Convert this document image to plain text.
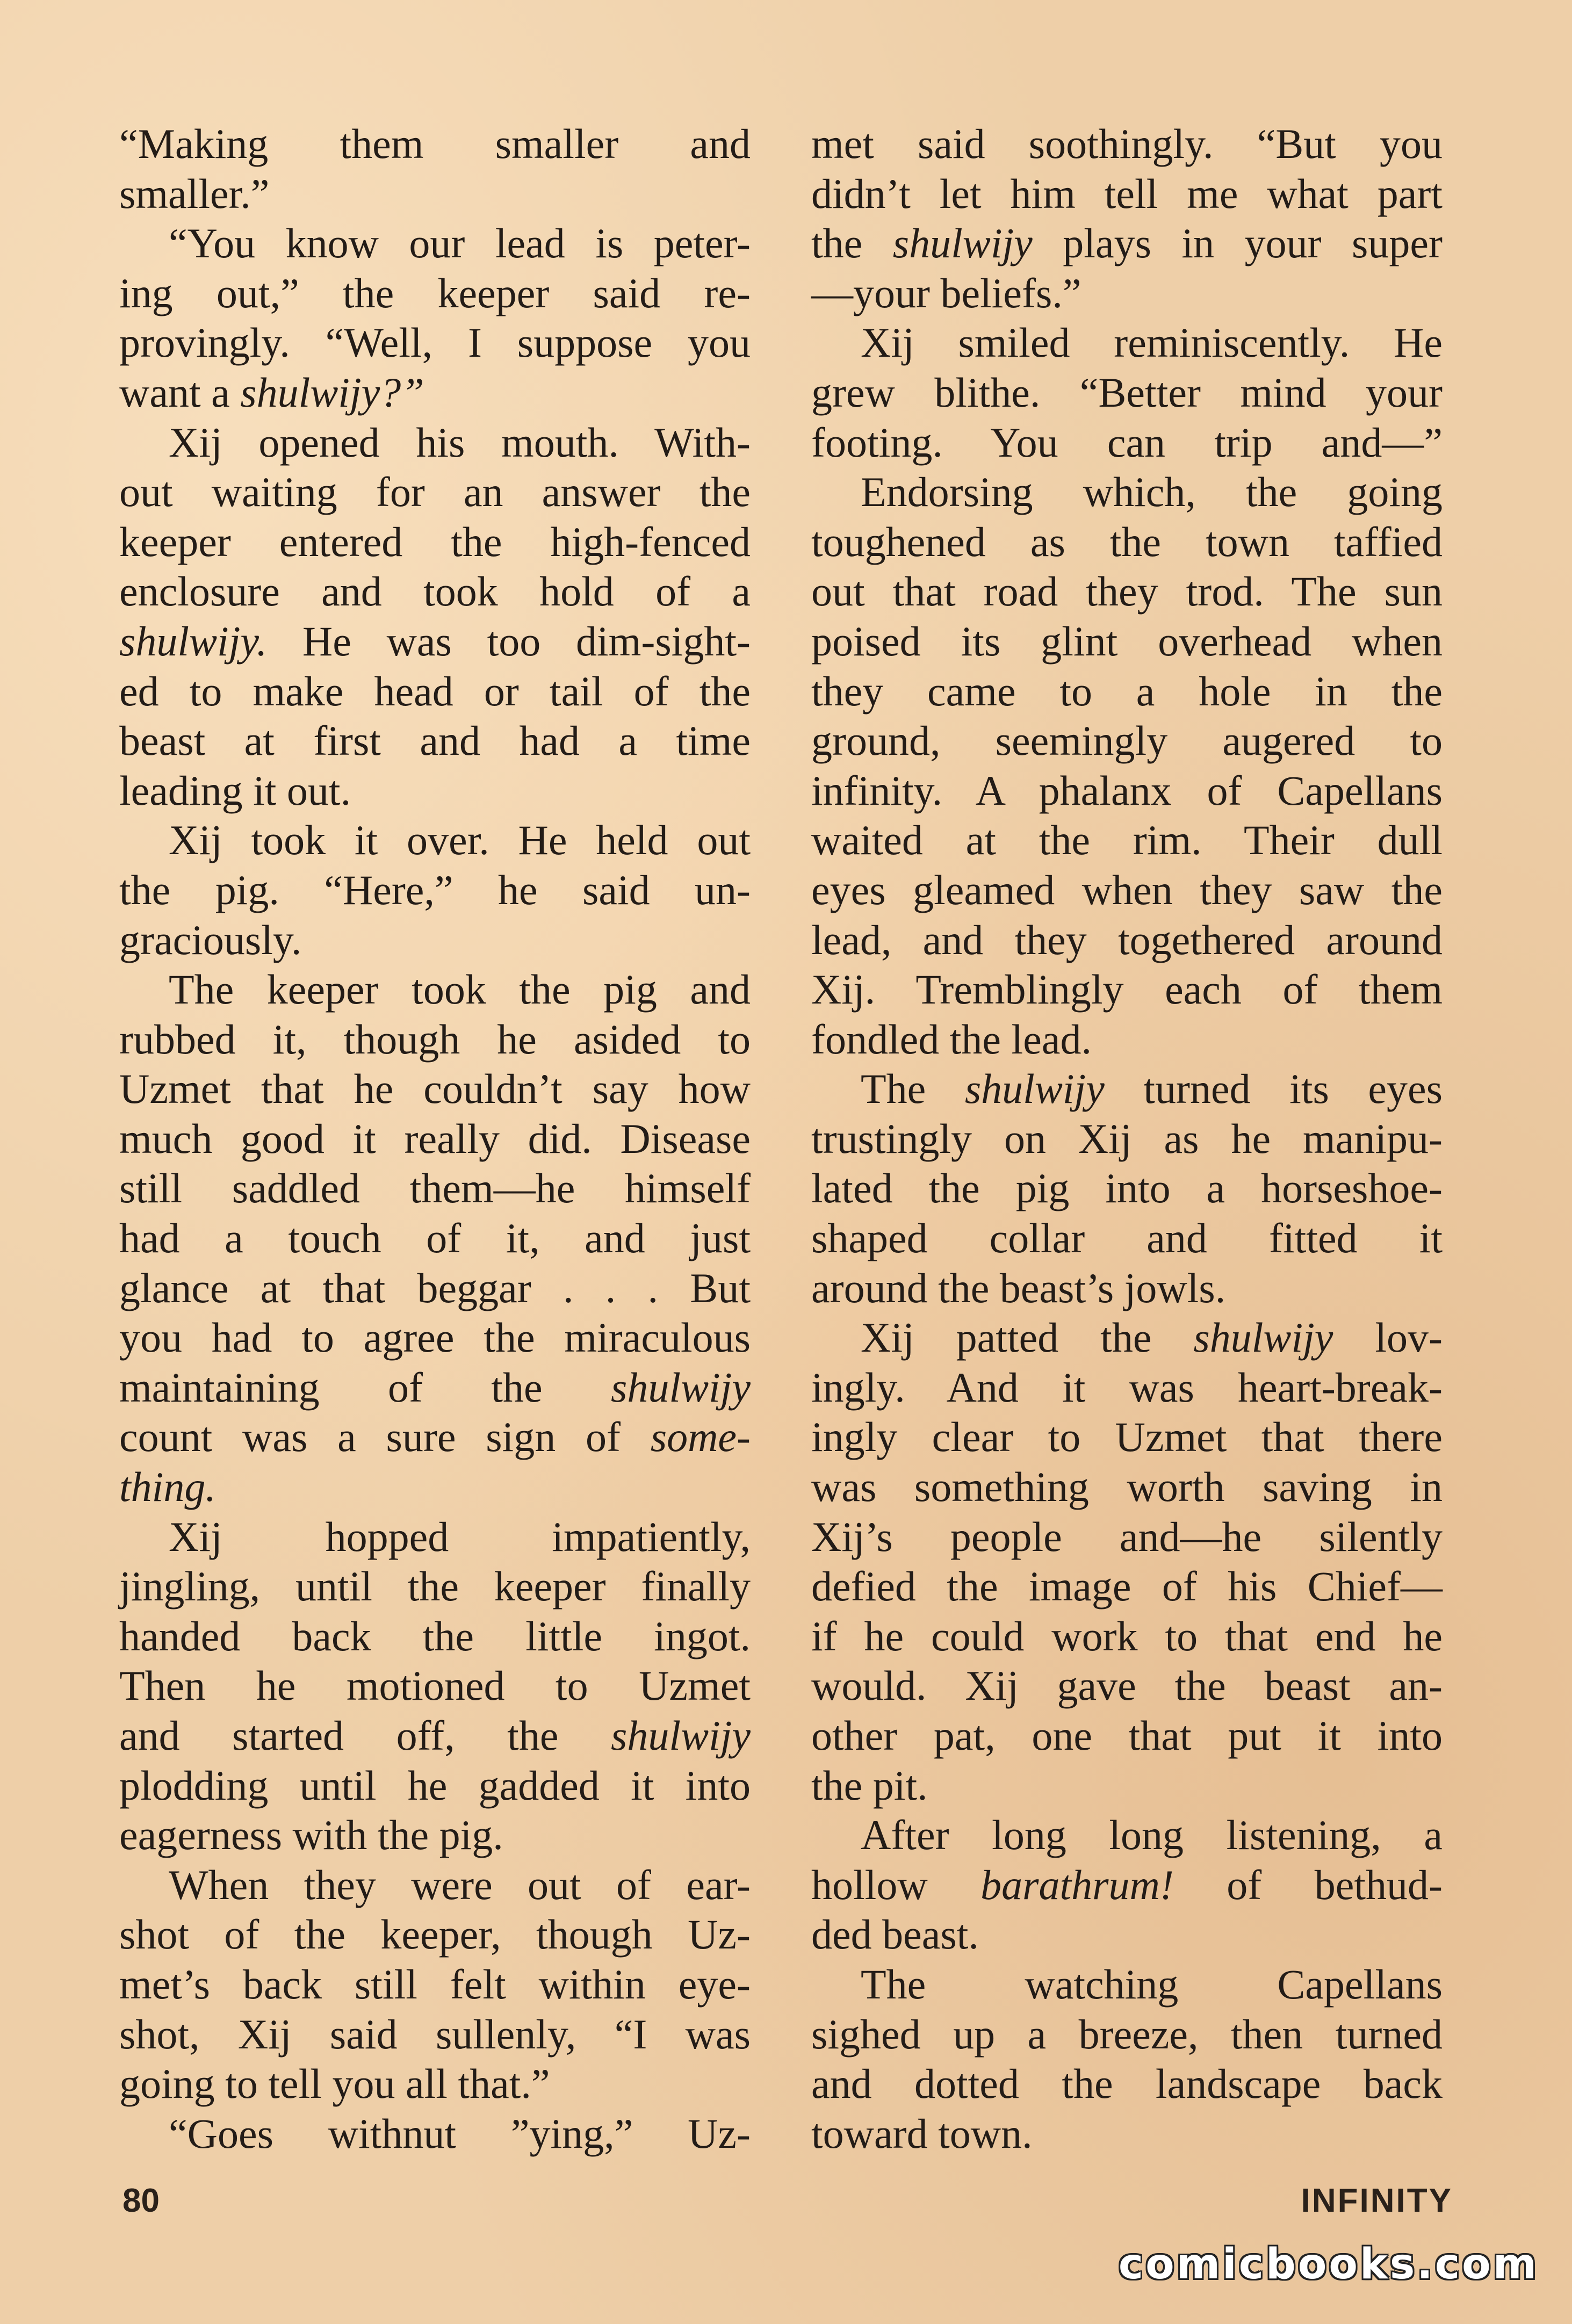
“Making them smaller and
smaller.”
“You know our lead is peter-
ing out,” the keeper said re-
provingly. “Well, I suppose you
want a shulwijy?”
Xij opened his mouth. With-
out waiting for an answer the
keeper entered the high-fenced
enclosure and took hold of a
shulwijy. He was too dim-sight-
ed to make head or tail of the
beast at first and had a time
leading it out.
Xij took it over. He held out
the pig. “Here,” he said un-
graciously.
The keeper took the pig and
rubbed it, though he asided to
Uzmet that he couldn’t say how
much good it really did. Disease
still saddled them—he himself
had a touch of it, and just
glance at that beggar . . . But
you had to agree the miraculous
maintaining of the shulwijy
count was a sure sign of some-
thing.
Xij hopped impatiently,
jingling, until the keeper finally
handed back the little ingot.
Then he motioned to Uzmet
and started off, the shulwijy
plodding until he gadded it into
eagerness with the pig.
When they were out of ear-
shot of the keeper, though Uz-
met’s back still felt within eye-
shot, Xij said sullenly, “I was
going to tell you all that.”
“Goes withnut ”ying,” Uz-
met said soothingly. “But you
didn’t let him tell me what part
the shulwijy plays in your super
—your beliefs.”
Xij smiled reminiscently. He
grew blithe. “Better mind your
footing. You can trip and—”
Endorsing which, the going
toughened as the town taffied
out that road they trod. The sun
poised its glint overhead when
they came to a hole in the
ground, seemingly augered to
infinity. A phalanx of Capellans
waited at the rim. Their dull
eyes gleamed when they saw the
lead, and they togethered around
Xij. Tremblingly each of them
fondled the lead.
The shulwijy turned its eyes
trustingly on Xij as he manipu-
lated the pig into a horseshoe-
shaped collar and fitted it
around the beast’s jowls.
Xij patted the shulwijy lov-
ingly. And it was heart-break-
ingly clear to Uzmet that there
was something worth saving in
Xij’s people and—he silently
defied the image of his Chief—
if he could work to that end he
would. Xij gave the beast an-
other pat, one that put it into
the pit.
After long long listening, a
hollow barathrum! of bethud-
ded beast.
The watching Capellans
sighed up a breeze, then turned
and dotted the landscape back
toward town.
80	INFINITY
comicbooks.com
